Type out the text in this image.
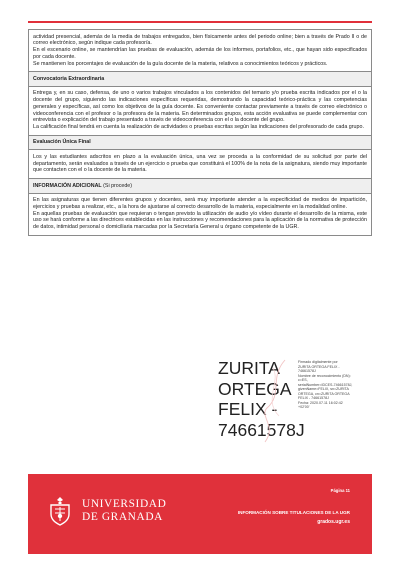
actividad presencial, además de la media de trabajos entregados, bien físicamente antes del periodo online; bien a través de Prado II o de correo electrónico, según indique cada profesor/a.

En el escenario online, se mantendrían las pruebas de evaluación, además de los informes, portafolios, etc., que hayan sido especificados por cada docente.

Se mantienen los porcentajes de evaluación de la guía docente de la materia, relativos a conocimientos teóricos y prácticos.

Convocatoria Extraordinaria

Entrega y, en su caso, defensa, de uno o varios trabajos vinculados a los contenidos del temario y/o prueba escrita indicados por el o la docente del grupo, siguiendo las indicaciones específicas requeridas, demostrando la capacidad teórico-práctica y las competencias generales y específicas, así como los objetivos de la guía docente. Es conveniente contactar previamente a través de correo electrónico o videoconferencia con el profesor o la profesora de la materia. En determinados grupos, esta acción evaluativa se puede complementar con entrevista o explicación del trabajo presentado a través de videoconferencia con el o la docente del grupo.

La calificación final tendrá en cuenta la realización de actividades o pruebas escritas según las indicaciones del profesorado de cada grupo.

Evaluación Única Final

Los y las estudiantes adscritos en plazo a la evaluación única, una vez se proceda a la conformidad de su solicitud por parte del departamento, serán evaluados a través de un ejercicio o prueba que constituirá el 100% de la nota de la asignatura, siendo muy importante que contacten con el o la docente de la materia.

INFORMACIÓN ADICIONAL (Si procede)

En las asignaturas que tienen diferentes grupos y docentes, será muy importante atender a la especificidad de medios de impartición, ejercicios y pruebas a realizar, etc., a la hora de ajustarse al correcto desarrollo de la materia, especialmente en la modalidad online.

En aquellas pruebas de evaluación que requieran o tengan previsto la utilización de audio y/o vídeo durante el desarrollo de la misma, este uso se hará conforme a las directrices establecidas en las instrucciones y recomendaciones para la aplicación de la normativa de protección de datos, intimidad personal o domiciliaria marcadas por la Secretaría General u órgano competente de la UGR.

ZURITA
ORTEGA
FELIX -
74661578J
Firmado digitalmente por
ZURITA ORTEGA FELIX -
74661578J
Nombre de reconocimiento (DN):
c=ES,
serialNumber=IDCES-74661578J,
givenName=FELIX, sn=ZURITA
ORTEGA, cn=ZURITA ORTEGA
FELIX - 74661578J
Fecha: 2020.07.11 16:02:42
+02'00'
UNIVERSIDAD
DE GRANADA
Página 11
INFORMACIÓN SOBRE TITULACIONES DE LA UGR
grados.ugr.es
